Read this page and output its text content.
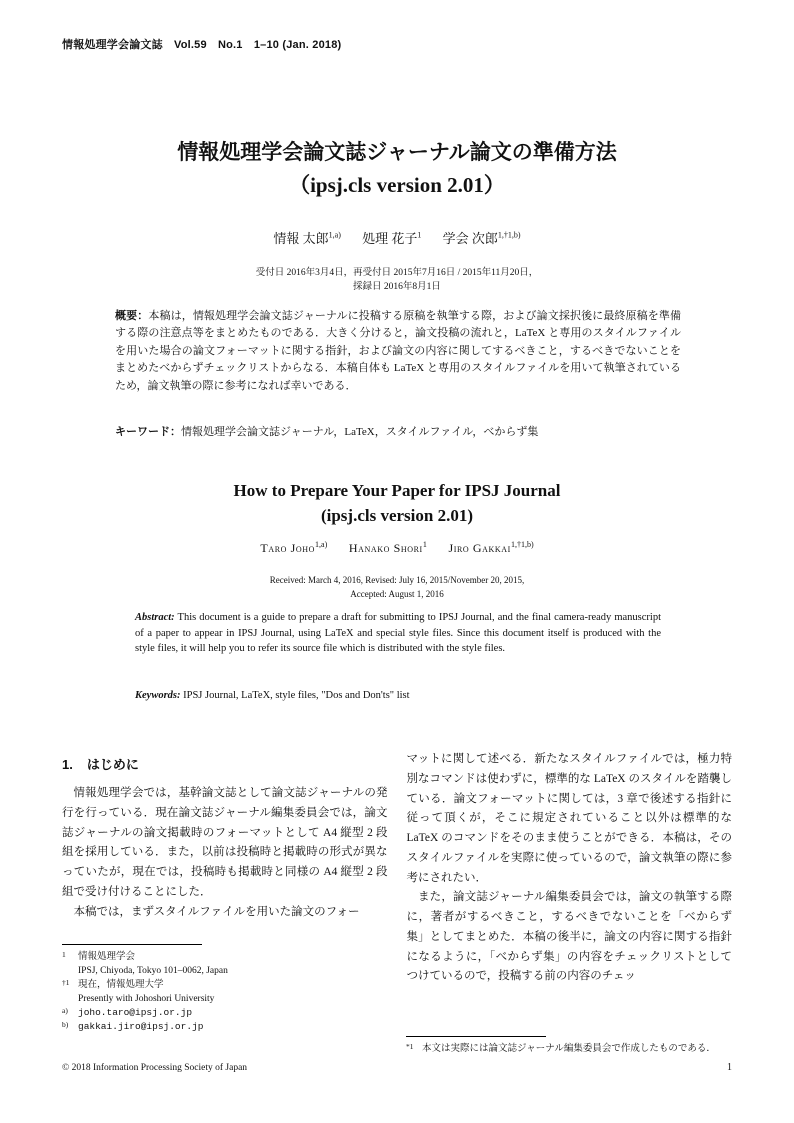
情報処理学会論文誌　Vol.59　No.1　1–10 (Jan. 2018)
情報処理学会論文誌ジャーナル論文の準備方法
（ipsj.cls version 2.01）
情報 太郎$^{1,a)}$ 処理 花子$^1$ 学会 次郎$^{1,\dagger 1,b)}$
受付日 2016年3月4日，再受付日 2015年7月16日 / 2015年11月20日，
採録日 2016年8月1日
概要：本稿は，情報処理学会論文誌ジャーナルに投稿する原稿を執筆する際，および論文採択後に最終原稿を準備する際の注意点等をまとめたものである．大きく分けると，論文投稿の流れと，LaTeX と専用のスタイルファイルを用いた場合の論文フォーマットに関する指針，および論文の内容に関してするべきこと，するべきでないことをまとめたべからずチェックリストからなる．本稿自体も LaTeX と専用のスタイルファイルを用いて執筆されているため，論文執筆の際に参考になれば幸いである．
キーワード：情報処理学会論文誌ジャーナル，LaTeX，スタイルファイル，べからず集
How to Prepare Your Paper for IPSJ Journal
(ipsj.cls version 2.01)
Taro Joho$^{1,a)}$ Hanako Shori$^1$ Jiro Gakkai$^{1,\dagger 1,b)}$
Received: March 4, 2016, Revised: July 16, 2015/November 20, 2015,
Accepted: August 1, 2016
Abstract: This document is a guide to prepare a draft for submitting to IPSJ Journal, and the final camera-ready manuscript of a paper to appear in IPSJ Journal, using LaTeX and special style files. Since this document itself is produced with the style files, it will help you to refer its source file which is distributed with the style files.
Keywords: IPSJ Journal, LaTeX, style files, "Dos and Don'ts" list
1. はじめに

情報処理学会では，基幹論文誌として論文誌ジャーナルの発行を行っている．現在論文誌ジャーナル編集委員会では，論文誌ジャーナルの論文掲載時のフォーマットとして A4 縦型 2 段組を採用している．また，以前は投稿時と掲載時の形式が異なっていたが，現在では，投稿時も掲載時と同様の A4 縦型 2 段組で受け付けることにした．

本稿では，まずスタイルファイルを用いた論文のフォー

マットに関して述べる．新たなスタイルファイルでは，極力特別なコマンドは使わずに，標準的な LaTeX のスタイルを踏襲している．論文フォーマットに関しては，3 章で後述する指針に従って頂くが，そこに規定されていること以外は標準的な LaTeX のコマンドをそのまま使うことができる．本稿は，そのスタイルファイルを実際に使っているので，論文執筆の際に参考にされたい．

また，論文誌ジャーナル編集委員会では，論文の執筆する際に，著者がするべきこと，するべきでないことを「べからず集」としてまとめた．本稿の後半に，論文の内容に関する指針になるように，「べからず集」の内容をチェックリストとしてつけているので，投稿する前の内容のチェッ

1	情報処理学会
IPSJ, Chiyoda, Tokyo 101–0062, Japan
†1 現在，情報処理大学
Presently with Johoshori University
a)	joho.taro@ipsj.or.jp
b)	gakkai.jiro@ipsj.or.jp
*1 本文は実際には論文誌ジャーナル編集委員会で作成したものである．
© 2018 Information Processing Society of Japan	1
